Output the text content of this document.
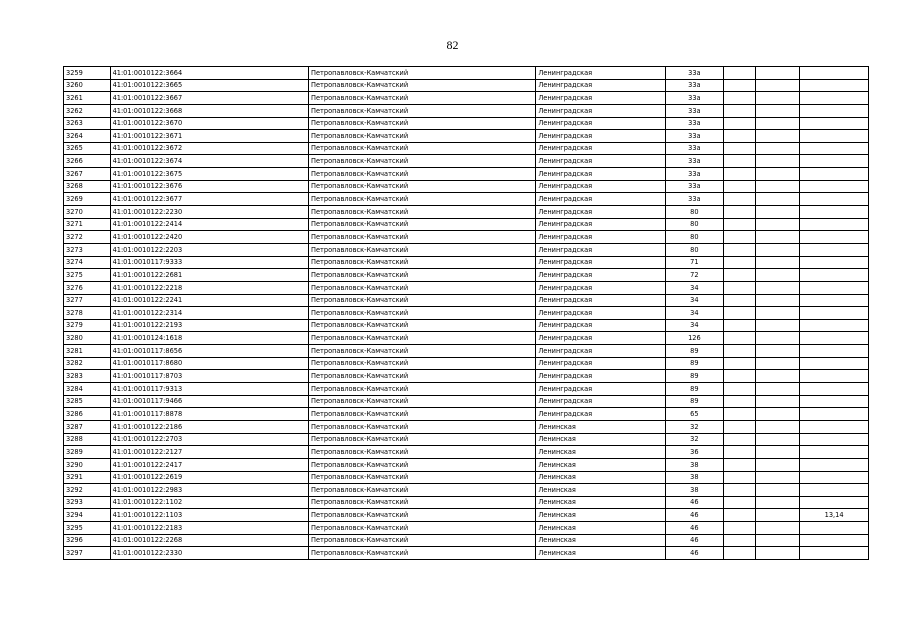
82
3259	41:01:0010122:3664	Петропавловск-Камчатский	Ленинградская	33а			
3260	41:01:0010122:3665	Петропавловск-Камчатский	Ленинградская	33а			
3261	41:01:0010122:3667	Петропавловск-Камчатский	Ленинградская	33а			
3262	41:01:0010122:3668	Петропавловск-Камчатский	Ленинградская	33а			
3263	41:01:0010122:3670	Петропавловск-Камчатский	Ленинградская	33а			
3264	41:01:0010122:3671	Петропавловск-Камчатский	Ленинградская	33а			
3265	41:01:0010122:3672	Петропавловск-Камчатский	Ленинградская	33а			
3266	41:01:0010122:3674	Петропавловск-Камчатский	Ленинградская	33а			
3267	41:01:0010122:3675	Петропавловск-Камчатский	Ленинградская	33а			
3268	41:01:0010122:3676	Петропавловск-Камчатский	Ленинградская	33а			
3269	41:01:0010122:3677	Петропавловск-Камчатский	Ленинградская	33а			
3270	41:01:0010122:2230	Петропавловск-Камчатский	Ленинградская	80			
3271	41:01:0010122:2414	Петропавловск-Камчатский	Ленинградская	80			
3272	41:01:0010122:2420	Петропавловск-Камчатский	Ленинградская	80			
3273	41:01:0010122:2203	Петропавловск-Камчатский	Ленинградская	80			
3274	41:01:0010117:9333	Петропавловск-Камчатский	Ленинградская	71			
3275	41:01:0010122:2681	Петропавловск-Камчатский	Ленинградская	72			
3276	41:01:0010122:2218	Петропавловск-Камчатский	Ленинградская	34			
3277	41:01:0010122:2241	Петропавловск-Камчатский	Ленинградская	34			
3278	41:01:0010122:2314	Петропавловск-Камчатский	Ленинградская	34			
3279	41:01:0010122:2193	Петропавловск-Камчатский	Ленинградская	34			
3280	41:01:0010124:1618	Петропавловск-Камчатский	Ленинградская	126			
3281	41:01:0010117:8656	Петропавловск-Камчатский	Ленинградская	89			
3282	41:01:0010117:8680	Петропавловск-Камчатский	Ленинградская	89			
3283	41:01:0010117:8703	Петропавловск-Камчатский	Ленинградская	89			
3284	41:01:0010117:9313	Петропавловск-Камчатский	Ленинградская	89			
3285	41:01:0010117:9466	Петропавловск-Камчатский	Ленинградская	89			
3286	41:01:0010117:8878	Петропавловск-Камчатский	Ленинградская	65			
3287	41:01:0010122:2186	Петропавловск-Камчатский	Ленинская	32			
3288	41:01:0010122:2703	Петропавловск-Камчатский	Ленинская	32			
3289	41:01:0010122:2127	Петропавловск-Камчатский	Ленинская	36			
3290	41:01:0010122:2417	Петропавловск-Камчатский	Ленинская	38			
3291	41:01:0010122:2619	Петропавловск-Камчатский	Ленинская	38			
3292	41:01:0010122:2983	Петропавловск-Камчатский	Ленинская	38			
3293	41:01:0010122:1102	Петропавловск-Камчатский	Ленинская	46			
3294	41:01:0010122:1103	Петропавловск-Камчатский	Ленинская	46			13,14
3295	41:01:0010122:2183	Петропавловск-Камчатский	Ленинская	46			
3296	41:01:0010122:2268	Петропавловск-Камчатский	Ленинская	46			
3297	41:01:0010122:2330	Петропавловск-Камчатский	Ленинская	46			
